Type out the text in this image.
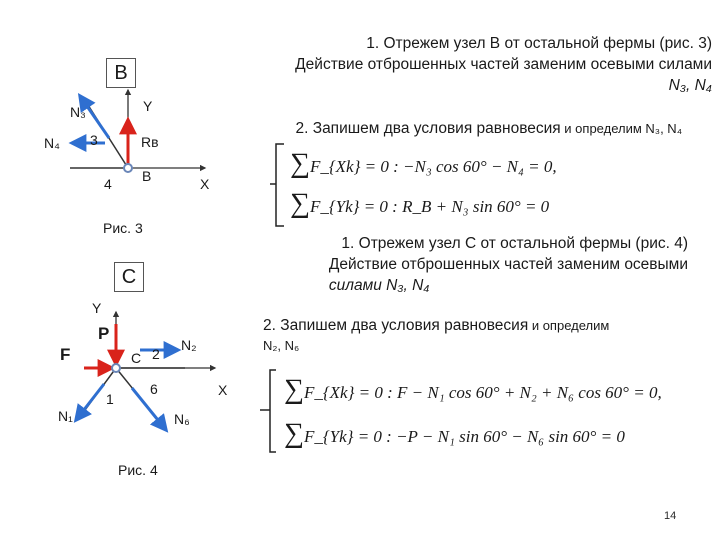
B
Y
N₃
3
N₄	Rв
4 B	X
Рис. 3
1. Отрежем узел В от остальной фермы (рис. 3)
Действие отброшенных частей заменим осевыми силами
N₃, N₄
2. Запишем два условия равновесия и определим N₃, N₄
∑F_{Xk} = 0 : −N₃ cos 60° − N₄ = 0,
∑F_{Yk} = 0 : R_B + N₃ sin 60° = 0
C
Y
F
P
C 2
N₂
6
1
N₁	N₆
X
Рис. 4
1. Отрежем узел С от остальной фермы (рис. 4)
Действие отброшенных частей заменим осевыми
силами N₃, N₄
2. Запишем два условия равновесия и определим
N₂, N₆
∑F_{Xk} = 0 : F − N₁ cos 60° + N₂ + N₆ cos 60° = 0,
∑F_{Yk} = 0 : −P − N₁ sin 60° − N₆ sin 60° = 0
14
